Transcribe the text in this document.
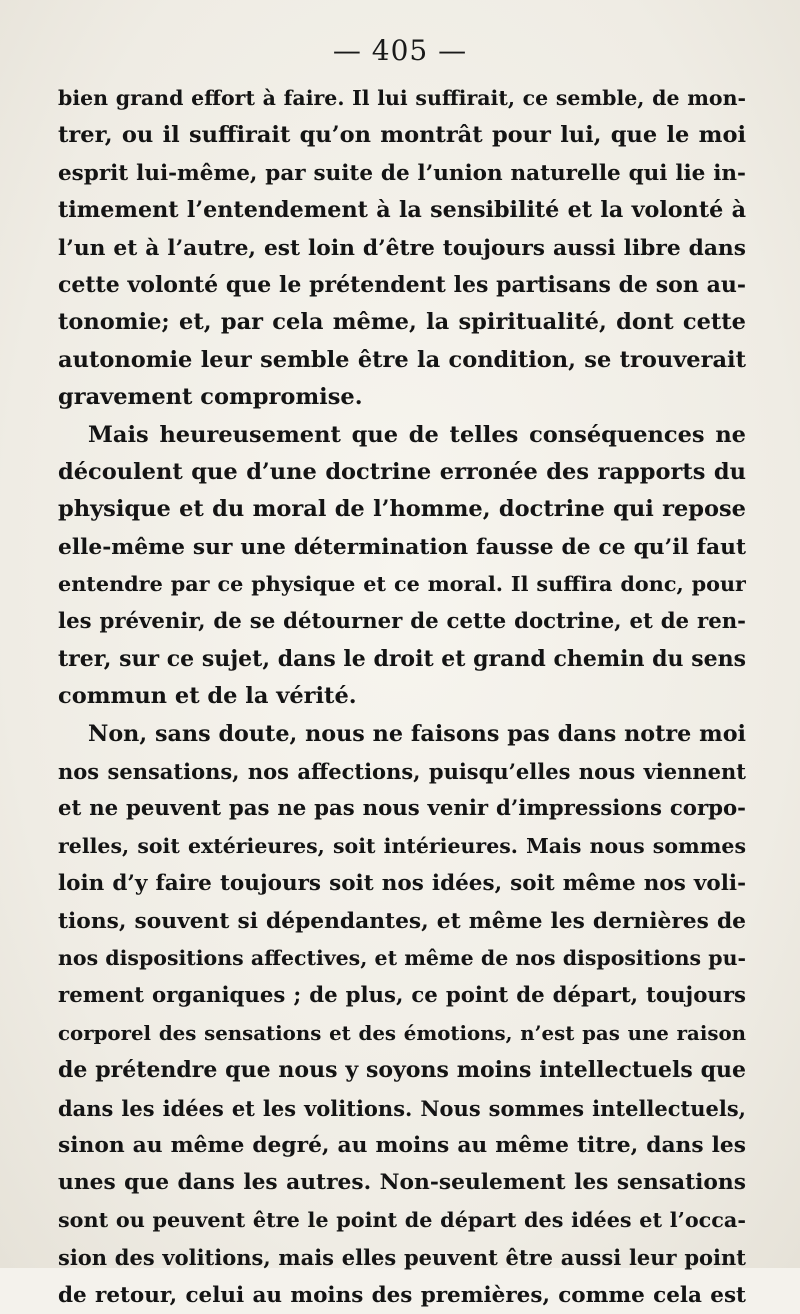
— 405 —
bien grand effort à faire. Il lui suffirait, ce semble, de mon-
trer, ou il suffirait qu’on montrât pour lui, que le moi
esprit lui-même, par suite de l’union naturelle qui lie in-
timement l’entendement à la sensibilité et la volonté à
l’un et à l’autre, est loin d’être toujours aussi libre dans
cette volonté que le prétendent les partisans de son au-
tonomie; et, par cela même, la spiritualité, dont cette
autonomie leur semble être la condition, se trouverait
gravement compromise.
Mais heureusement que de telles conséquences ne
découlent que d’une doctrine erronée des rapports du
physique et du moral de l’homme, doctrine qui repose
elle-même sur une détermination fausse de ce qu’il faut
entendre par ce physique et ce moral. Il suffira donc, pour
les prévenir, de se détourner de cette doctrine, et de ren-
trer, sur ce sujet, dans le droit et grand chemin du sens
commun et de la vérité.
Non, sans doute, nous ne faisons pas dans notre moi
nos sensations, nos affections, puisqu’elles nous viennent
et ne peuvent pas ne pas nous venir d’impressions corpo-
relles, soit extérieures, soit intérieures. Mais nous sommes
loin d’y faire toujours soit nos idées, soit même nos voli-
tions, souvent si dépendantes, et même les dernières de
nos dispositions affectives, et même de nos dispositions pu-
rement organiques ; de plus, ce point de départ, toujours
corporel des sensations et des émotions, n’est pas une raison
de prétendre que nous y soyons moins intellectuels que
dans les idées et les volitions. Nous sommes intellectuels,
sinon au même degré, au moins au même titre, dans les
unes que dans les autres. Non-seulement les sensations
sont ou peuvent être le point de départ des idées et l’occa-
sion des volitions, mais elles peuvent être aussi leur point
de retour, celui au moins des premières, comme cela est
